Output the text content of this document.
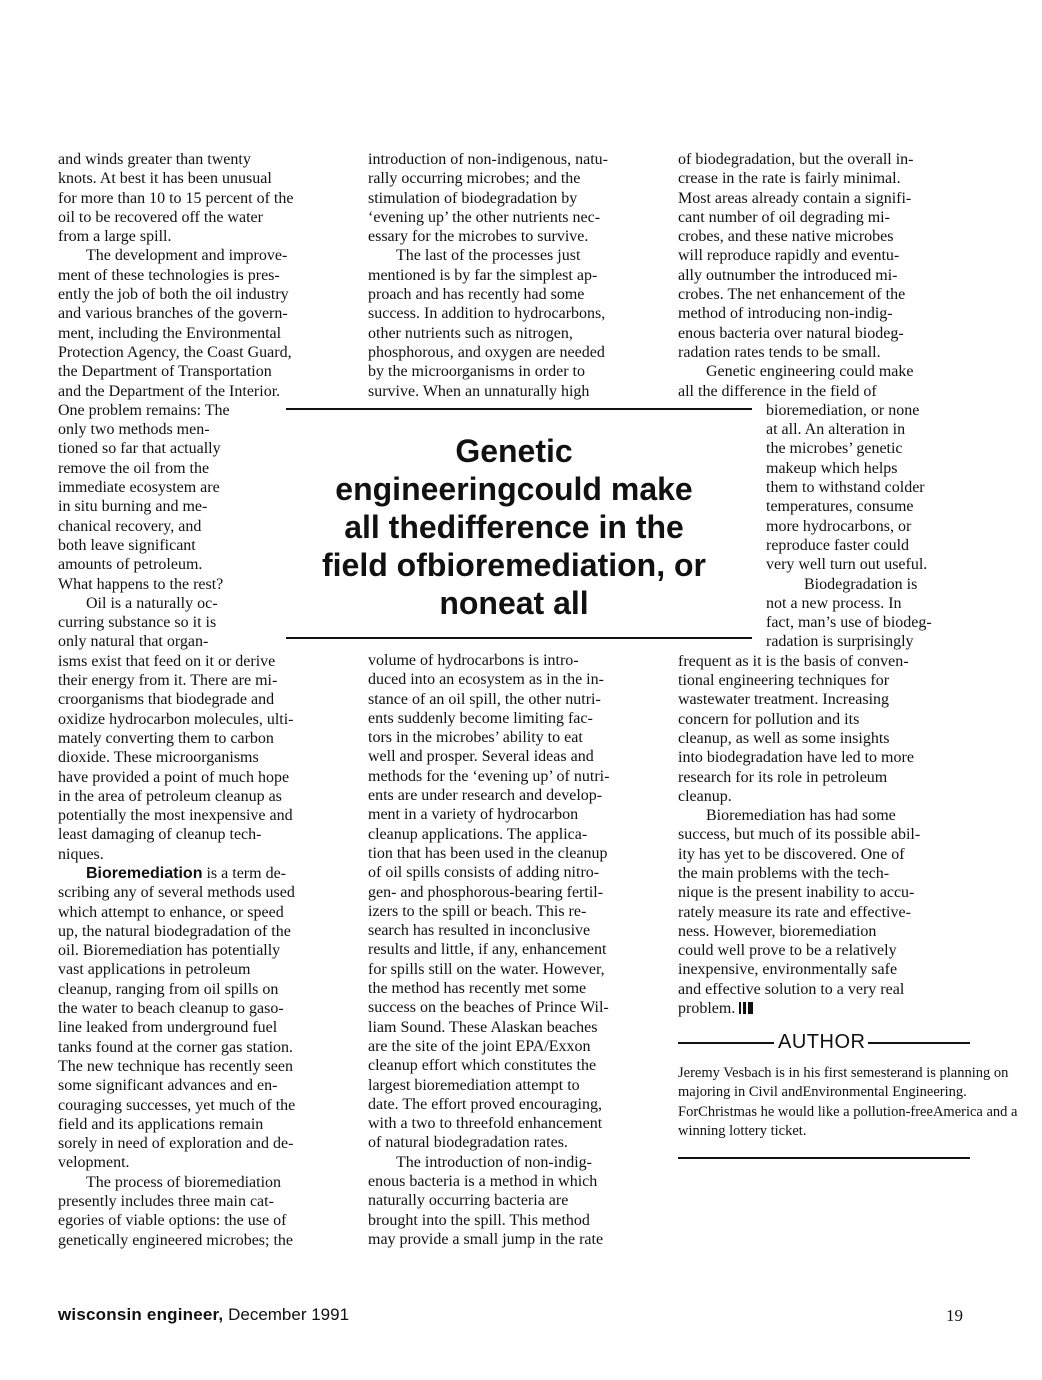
and winds greater than twenty
knots. At best it has been unusual
for more than 10 to 15 percent of the
oil to be recovered off the water
from a large spill.
The development and improve-
ment of these technologies is pres-
ently the job of both the oil industry
and various branches of the govern-
ment, including the Environmental
Protection Agency, the Coast Guard,
the Department of Transportation
and the Department of the Interior.
One problem remains: The
only two methods men-
tioned so far that actually
remove the oil from the
immediate ecosystem are
in situ burning and me-
chanical recovery, and
both leave significant
amounts of petroleum.
What happens to the rest?
Oil is a naturally oc-
curring substance so it is
only natural that organ-
isms exist that feed on it or derive
their energy from it. There are mi-
croorganisms that biodegrade and
oxidize hydrocarbon molecules, ulti-
mately converting them to carbon
dioxide. These microorganisms
have provided a point of much hope
in the area of petroleum cleanup as
potentially the most inexpensive and
least damaging of cleanup tech-
niques.
Bioremediation is a term de-
scribing any of several methods used
which attempt to enhance, or speed
up, the natural biodegradation of the
oil. Bioremediation has potentially
vast applications in petroleum
cleanup, ranging from oil spills on
the water to beach cleanup to gaso-
line leaked from underground fuel
tanks found at the corner gas station.
The new technique has recently seen
some significant advances and en-
couraging successes, yet much of the
field and its applications remain
sorely in need of exploration and de-
velopment.
The process of bioremediation
presently includes three main cat-
egories of viable options: the use of
genetically engineered microbes; the
introduction of non-indigenous, natu-
rally occurring microbes; and the
stimulation of biodegradation by
‘evening up’ the other nutrients nec-
essary for the microbes to survive.
The last of the processes just
mentioned is by far the simplest ap-
proach and has recently had some
success. In addition to hydrocarbons,
other nutrients such as nitrogen,
phosphorous, and oxygen are needed
by the microorganisms in order to
survive. When an unnaturally high
volume of hydrocarbons is intro-
duced into an ecosystem as in the in-
stance of an oil spill, the other nutri-
ents suddenly become limiting fac-
tors in the microbes’ ability to eat
well and prosper. Several ideas and
methods for the ‘evening up’ of nutri-
ents are under research and develop-
ment in a variety of hydrocarbon
cleanup applications. The applica-
tion that has been used in the cleanup
of oil spills consists of adding nitro-
gen- and phosphorous-bearing fertil-
izers to the spill or beach. This re-
search has resulted in inconclusive
results and little, if any, enhancement
for spills still on the water. However,
the method has recently met some
success on the beaches of Prince Wil-
liam Sound. These Alaskan beaches
are the site of the joint EPA/Exxon
cleanup effort which constitutes the
largest bioremediation attempt to
date. The effort proved encouraging,
with a two to threefold enhancement
of natural biodegradation rates.
The introduction of non-indig-
enous bacteria is a method in which
naturally occurring bacteria are
brought into the spill. This method
may provide a small jump in the rate
of biodegradation, but the overall in-
crease in the rate is fairly minimal.
Most areas already contain a signifi-
cant number of oil degrading mi-
crobes, and these native microbes
will reproduce rapidly and eventu-
ally outnumber the introduced mi-
crobes. The net enhancement of the
method of introducing non-indig-
enous bacteria over natural biodeg-
radation rates tends to be small.
Genetic engineering could make
all the difference in the field of
bioremediation, or none
at all. An alteration in
the microbes’ genetic
makeup which helps
them to withstand colder
temperatures, consume
more hydrocarbons, or
reproduce faster could
very well turn out useful.
Biodegradation is
not a new process. In
fact, man’s use of biodeg-
radation is surprisingly
frequent as it is the basis of conven-
tional engineering techniques for
wastewater treatment. Increasing
concern for pollution and its
cleanup, as well as some insights
into biodegradation have led to more
research for its role in petroleum
cleanup.
Bioremediation has had some
success, but much of its possible abil-
ity has yet to be discovered. One of
the main problems with the tech-
nique is the present inability to accu-
rately measure its rate and effective-
ness. However, bioremediation
could well prove to be a relatively
inexpensive, environmentally safe
and effective solution to a very real
problem.
Genetic engineeringcould make all thedifference in the field ofbioremediation, or noneat all
AUTHOR
Jeremy Vesbach is in his first semesterand is planning on majoring in Civil andEnvironmental Engineering. ForChristmas he would like a pollution-freeAmerica and a winning lottery ticket.
wisconsin engineer, December 1991	19
